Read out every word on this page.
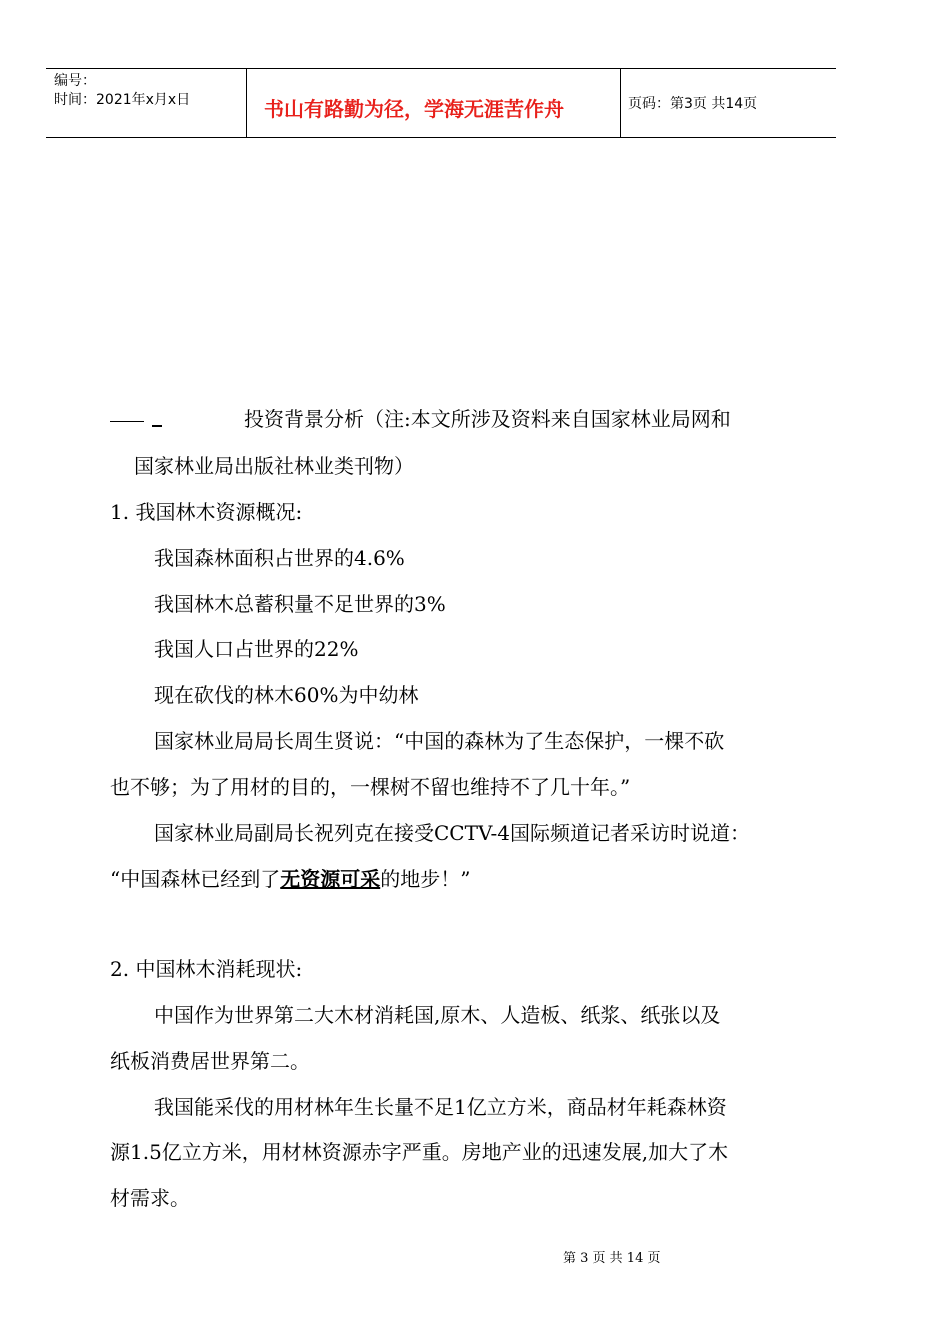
编号：
时间：2021年x月x日	书山有路勤为径，学海无涯苦作舟	页码：第3页 共14页
投资背景分析（注:本文所涉及资料来自国家林业局网和
国家林业局出版社林业类刊物）
1. 我国林木资源概况:
我国森林面积占世界的4.6%
我国林木总蓄积量不足世界的3%
我国人口占世界的22%
现在砍伐的林木60%为中幼林
国家林业局局长周生贤说：“中国的森林为了生态保护，一棵不砍
也不够；为了用材的目的，一棵树不留也维持不了几十年。”
国家林业局副局长祝列克在接受CCTV-4国际频道记者采访时说道：
“中国森林已经到了无资源可采的地步！”
2. 中国林木消耗现状:
中国作为世界第二大木材消耗国,原木、人造板、纸浆、纸张以及
纸板消费居世界第二。
我国能采伐的用材林年生长量不足1亿立方米，商品材年耗森林资
源1.5亿立方米，用材林资源赤字严重。房地产业的迅速发展,加大了木
材需求。
第 3 页 共 14 页
